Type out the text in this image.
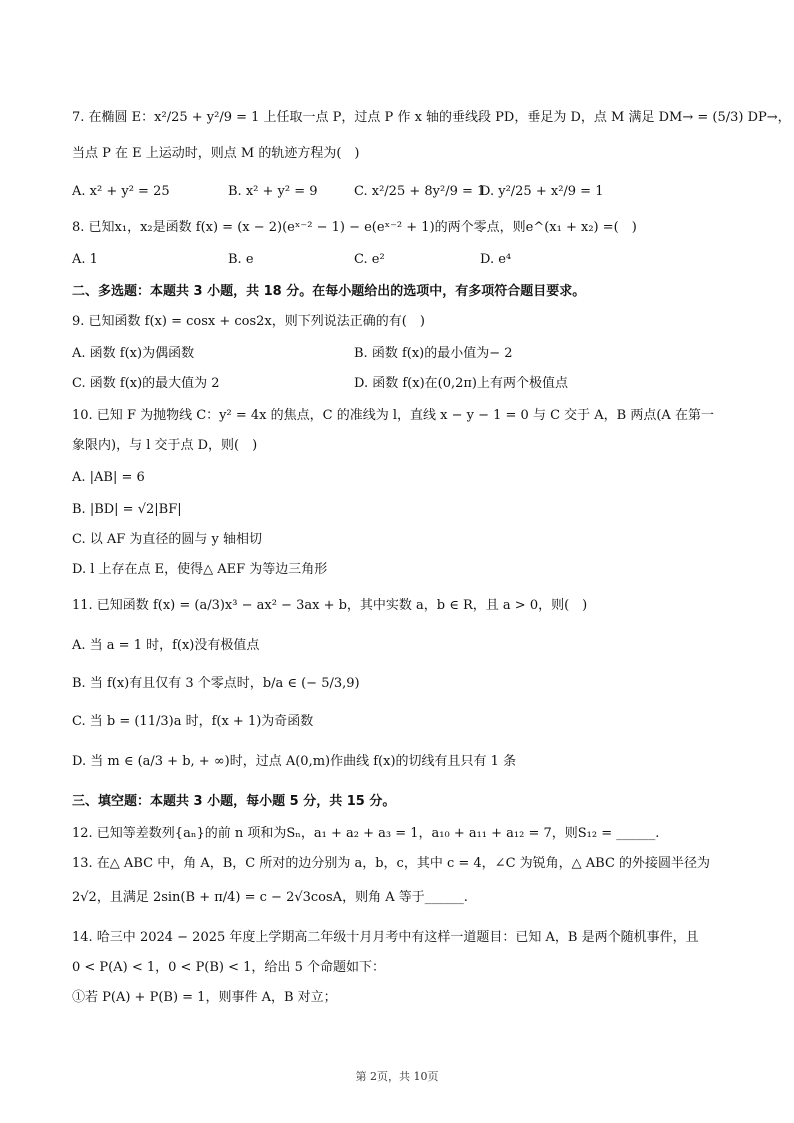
7. 在椭圆 E：x²/25 + y²/9 = 1 上任取一点 P，过点 P 作 x 轴的垂线段 PD，垂足为 D，点 M 满足 DM→ = (5/3) DP→，
当点 P 在 E 上运动时，则点 M 的轨迹方程为(　)
A. x² + y² = 25	B. x² + y² = 9	C. x²/25 + 8y²/9 = 1
D. y²/25 + x²/9 = 1
8. 已知x₁，x₂是函数 f(x) = (x − 2)(eˣ⁻² − 1) − e(eˣ⁻² + 1)的两个零点，则e^(x₁ + x₂) =(　)
A. 1	B. e	C. e²	D. e⁴
二、多选题：本题共 3 小题，共 18 分。在每小题给出的选项中，有多项符合题目要求。
9. 已知函数 f(x) = cosx + cos2x，则下列说法正确的有(　)
A. 函数 f(x)为偶函数	B. 函数 f(x)的最小值为− 2
C. 函数 f(x)的最大值为 2	D. 函数 f(x)在(0,2π)上有两个极值点
10. 已知 F 为抛物线 C：y² = 4x 的焦点，C 的准线为 l，直线 x − y − 1 = 0 与 C 交于 A，B 两点(A 在第一
象限内)，与 l 交于点 D，则(　)
A. |AB| = 6
B. |BD| = √2|BF|
C. 以 AF 为直径的圆与 y 轴相切
D. l 上存在点 E，使得△ AEF 为等边三角形
11. 已知函数 f(x) = (a/3)x³ − ax² − 3ax + b，其中实数 a，b ∈ R，且 a > 0，则(　)
A. 当 a = 1 时，f(x)没有极值点
B. 当 f(x)有且仅有 3 个零点时，b/a ∈ (− 5/3,9)
C. 当 b = (11/3)a 时，f(x + 1)为奇函数
D. 当 m ∈ (a/3 + b, + ∞)时，过点 A(0,m)作曲线 f(x)的切线有且只有 1 条
三、填空题：本题共 3 小题，每小题 5 分，共 15 分。
12. 已知等差数列{aₙ}的前 n 项和为Sₙ，a₁ + a₂ + a₃ = 1，a₁₀ + a₁₁ + a₁₂ = 7，则S₁₂ = ______.
13. 在△ ABC 中，角 A，B，C 所对的边分别为 a，b，c，其中 c = 4，∠C 为锐角，△ ABC 的外接圆半径为
2√2，且满足 2sin(B + π/4) = c − 2√3cosA，则角 A 等于______.
14. 哈三中 2024 − 2025 年度上学期高二年级十月月考中有这样一道题目：已知 A，B 是两个随机事件，且
0 < P(A) < 1，0 < P(B) < 1，给出 5 个命题如下：
①若 P(A) + P(B) = 1，则事件 A，B 对立；
第 2页，共 10页
